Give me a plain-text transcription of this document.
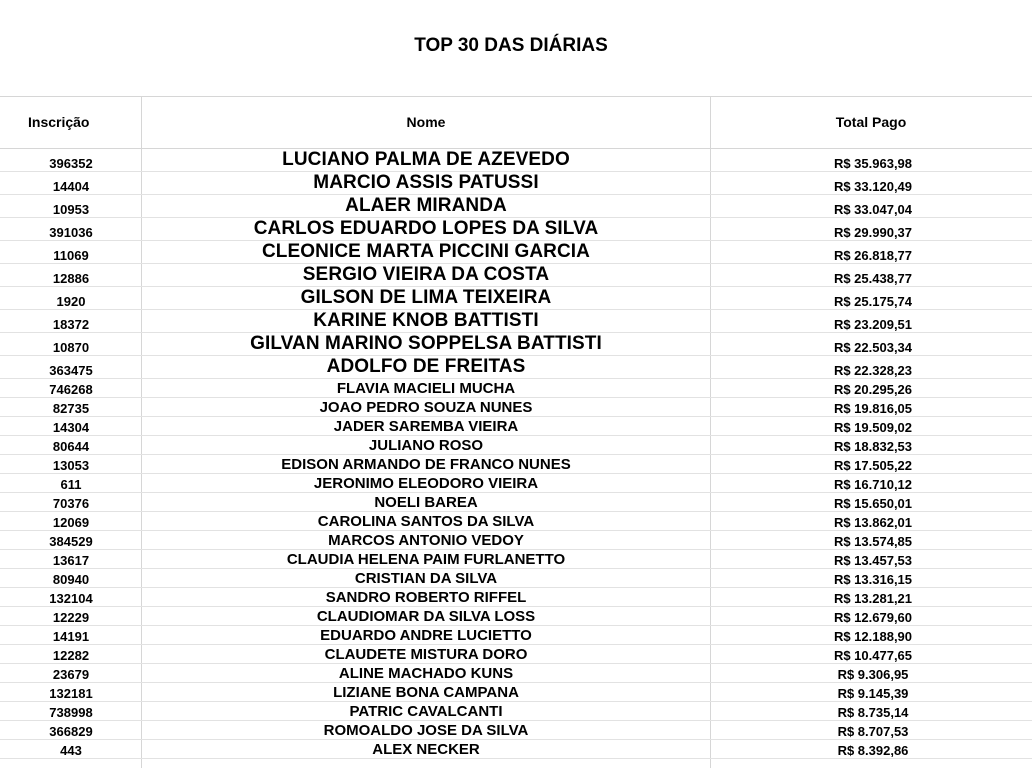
TOP 30 DAS DIÁRIAS
Inscrição	Nome	Total Pago
396352	LUCIANO PALMA DE AZEVEDO	R$ 35.963,98
14404	MARCIO ASSIS PATUSSI	R$ 33.120,49
10953	ALAER MIRANDA	R$ 33.047,04
391036	CARLOS EDUARDO LOPES DA SILVA	R$ 29.990,37
11069	CLEONICE MARTA PICCINI GARCIA	R$ 26.818,77
12886	SERGIO VIEIRA DA COSTA	R$ 25.438,77
1920	GILSON DE LIMA TEIXEIRA	R$ 25.175,74
18372	KARINE KNOB BATTISTI	R$ 23.209,51
10870	GILVAN MARINO SOPPELSA BATTISTI	R$ 22.503,34
363475	ADOLFO DE FREITAS	R$ 22.328,23
746268	FLAVIA MACIELI MUCHA	R$ 20.295,26
82735	JOAO PEDRO SOUZA NUNES	R$ 19.816,05
14304	JADER SAREMBA VIEIRA	R$ 19.509,02
80644	JULIANO ROSO	R$ 18.832,53
13053	EDISON ARMANDO DE FRANCO NUNES	R$ 17.505,22
611	JERONIMO ELEODORO VIEIRA	R$ 16.710,12
70376	NOELI BAREA	R$ 15.650,01
12069	CAROLINA SANTOS DA SILVA	R$ 13.862,01
384529	MARCOS ANTONIO VEDOY	R$ 13.574,85
13617	CLAUDIA HELENA PAIM FURLANETTO	R$ 13.457,53
80940	CRISTIAN DA SILVA	R$ 13.316,15
132104	SANDRO ROBERTO RIFFEL	R$ 13.281,21
12229	CLAUDIOMAR DA SILVA LOSS	R$ 12.679,60
14191	EDUARDO ANDRE LUCIETTO	R$ 12.188,90
12282	CLAUDETE MISTURA DORO	R$ 10.477,65
23679	ALINE MACHADO KUNS	R$ 9.306,95
132181	LIZIANE BONA CAMPANA	R$ 9.145,39
738998	PATRIC CAVALCANTI	R$ 8.735,14
366829	ROMOALDO JOSE DA SILVA	R$ 8.707,53
443	ALEX NECKER	R$ 8.392,86
